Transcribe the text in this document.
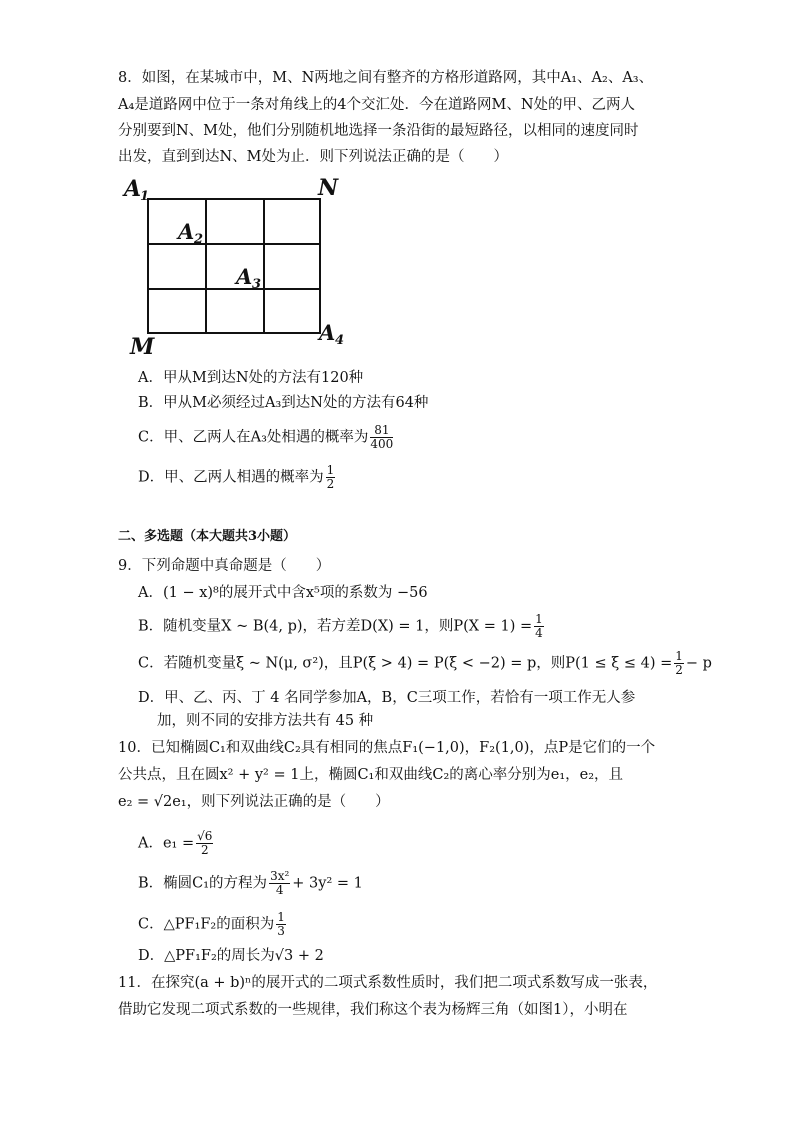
8．如图，在某城市中，M、N两地之间有整齐的方格形道路网，其中A₁、A₂、A₃、
A₄是道路网中位于一条对角线上的4个交汇处．今在道路网M、N处的甲、乙两人
分别要到N、M处，他们分别随机地选择一条沿街的最短路径，以相同的速度同时
出发，直到到达N、M处为止．则下列说法正确的是（　　）
A
1	N
A 2
A 3
M
A 4
A．甲从M到达N处的方法有120种
B．甲从M必须经过A₃到达N处的方法有64种
C．甲、乙两人在A₃处相遇的概率为 $\frac{81}{400}$
D．甲、乙两人相遇的概率为 $\frac{1}{2}$
二、多选题（本大题共3小题）
9．下列命题中真命题是（　　）
A．(1 − x)⁸的展开式中含x⁵项的系数为 −56
B．随机变量X ~ B(4, p)，若方差D(X) = 1，则$P(X = 1) = \frac{1}{4}$
C．若随机变量ξ ~ N(μ, σ²)，且P(ξ > 4) = P(ξ < −2) = p，则$P(1 \le \xi \le 4) = \frac{1}{2} - p$
D．甲、乙、丙、丁 4 名同学参加A，B，C三项工作，若恰有一项工作无人参
加，则不同的安排方法共有 45 种
10．已知椭圆C₁和双曲线C₂具有相同的焦点F₁(−1,0)，F₂(1,0)，点P是它们的一个
公共点，且在圆x² + y² = 1上，椭圆C₁和双曲线C₂的离心率分别为e₁，e₂，且
e₂ = √2e₁，则下列说法正确的是（　　）
A．$e_1 = \frac{√6}{2}$
B．椭圆C₁的方程为 $\frac{\text{3x²}}{4} + 3y^2 = 1$
C．△PF₁F₂的面积为 $\frac{1}{3}$
D．△PF₁F₂的周长为√3 + 2
11．在探究(a + b)ⁿ的展开式的二项式系数性质时，我们把二项式系数写成一张表，
借助它发现二项式系数的一些规律，我们称这个表为杨辉三角（如图1），小明在
